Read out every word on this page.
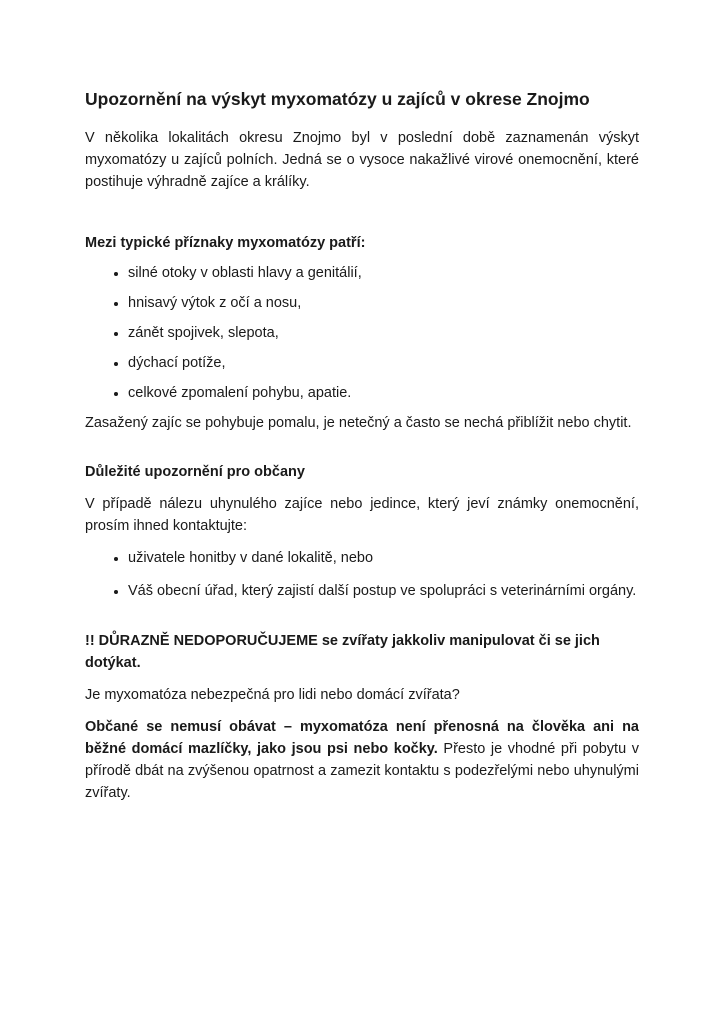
Upozornění na výskyt myxomatózy u zajíců v okrese Znojmo

V několika lokalitách okresu Znojmo byl v poslední době zaznamenán výskyt myxomatózy u zajíců polních. Jedná se o vysoce nakažlivé virové onemocnění, které postihuje výhradně zajíce a králíky.

Mezi typické příznaky myxomatózy patří:

• silné otoky v oblasti hlavy a genitálií,
• hnisavý výtok z očí a nosu,
• zánět spojivek, slepota,
• dýchací potíže,
• celkové zpomalení pohybu, apatie.

Zasažený zajíc se pohybuje pomalu, je netečný a často se nechá přiblížit nebo chytit.

Důležité upozornění pro občany

V případě nálezu uhynulého zajíce nebo jedince, který jeví známky onemocnění, prosím ihned kontaktujte:

• uživatele honitby v dané lokalitě, nebo
• Váš obecní úřad, který zajistí další postup ve spolupráci s veterinárními orgány.

!! DŮRAZNĚ NEDOPORUČUJEME se zvířaty jakkoliv manipulovat či se jich dotýkat.

Je myxomatóza nebezpečná pro lidi nebo domácí zvířata?

Občané se nemusí obávat – myxomatóza není přenosná na člověka ani na běžné domácí mazlíčky, jako jsou psi nebo kočky. Přesto je vhodné při pobytu v přírodě dbát na zvýšenou opatrnost a zamezit kontaktu s podezřelými nebo uhynulými zvířaty.
